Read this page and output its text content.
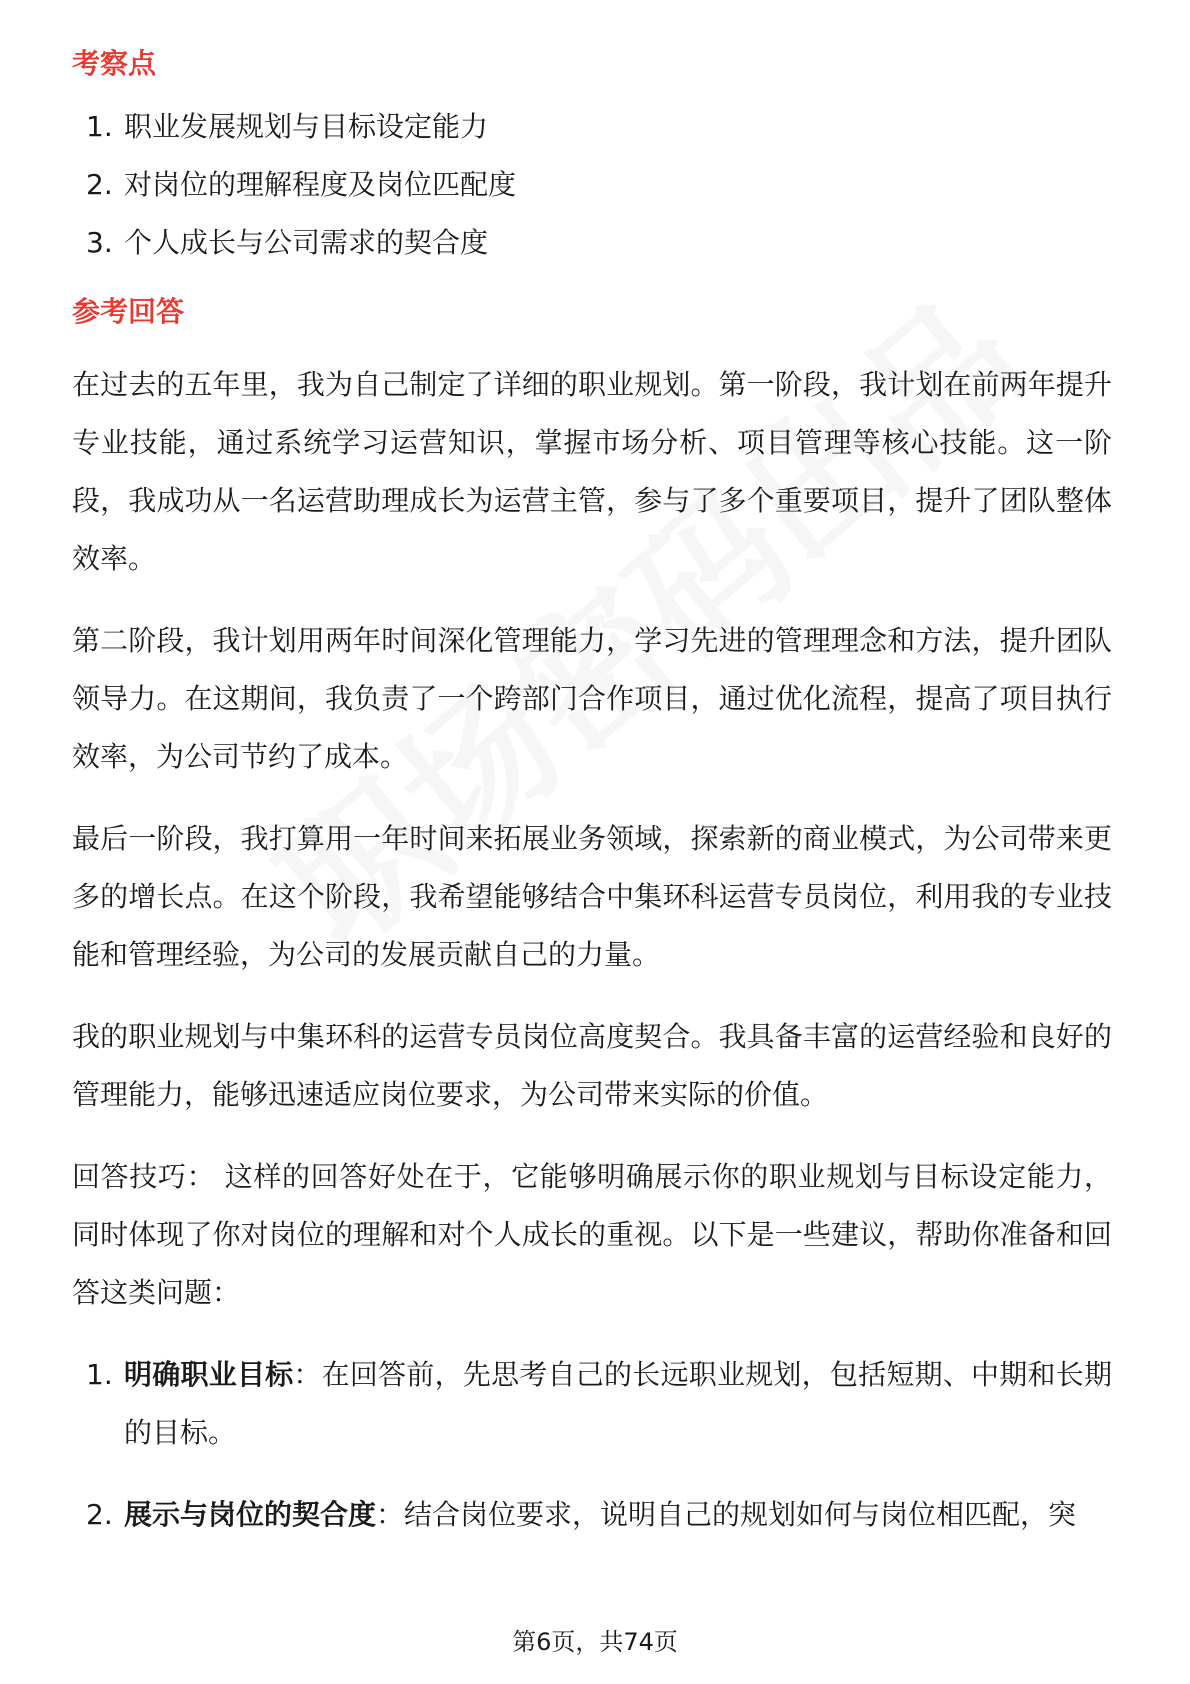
考察点
1. 职业发展规划与目标设定能力
2. 对岗位的理解程度及岗位匹配度
3. 个人成长与公司需求的契合度
参考回答

在过去的五年里，我为自己制定了详细的职业规划。第一阶段，我计划在前两年提升专业技能，通过系统学习运营知识，掌握市场分析、项目管理等核心技能。这一阶段，我成功从一名运营助理成长为运营主管，参与了多个重要项目，提升了团队整体效率。

第二阶段，我计划用两年时间深化管理能力，学习先进的管理理念和方法，提升团队领导力。在这期间，我负责了一个跨部门合作项目，通过优化流程，提高了项目执行效率，为公司节约了成本。

最后一阶段，我打算用一年时间来拓展业务领域，探索新的商业模式，为公司带来更多的增长点。在这个阶段，我希望能够结合中集环科运营专员岗位，利用我的专业技能和管理经验，为公司的发展贡献自己的力量。

我的职业规划与中集环科的运营专员岗位高度契合。我具备丰富的运营经验和良好的管理能力，能够迅速适应岗位要求，为公司带来实际的价值。

回答技巧： 这样的回答好处在于，它能够明确展示你的职业规划与目标设定能力，同时体现了你对岗位的理解和对个人成长的重视。以下是一些建议，帮助你准备和回答这类问题：

1. 明确职业目标：在回答前，先思考自己的长远职业规划，包括短期、中期和长期的目标。
2. 展示与岗位的契合度：结合岗位要求，说明自己的规划如何与岗位相匹配，突
第6页，共74页
